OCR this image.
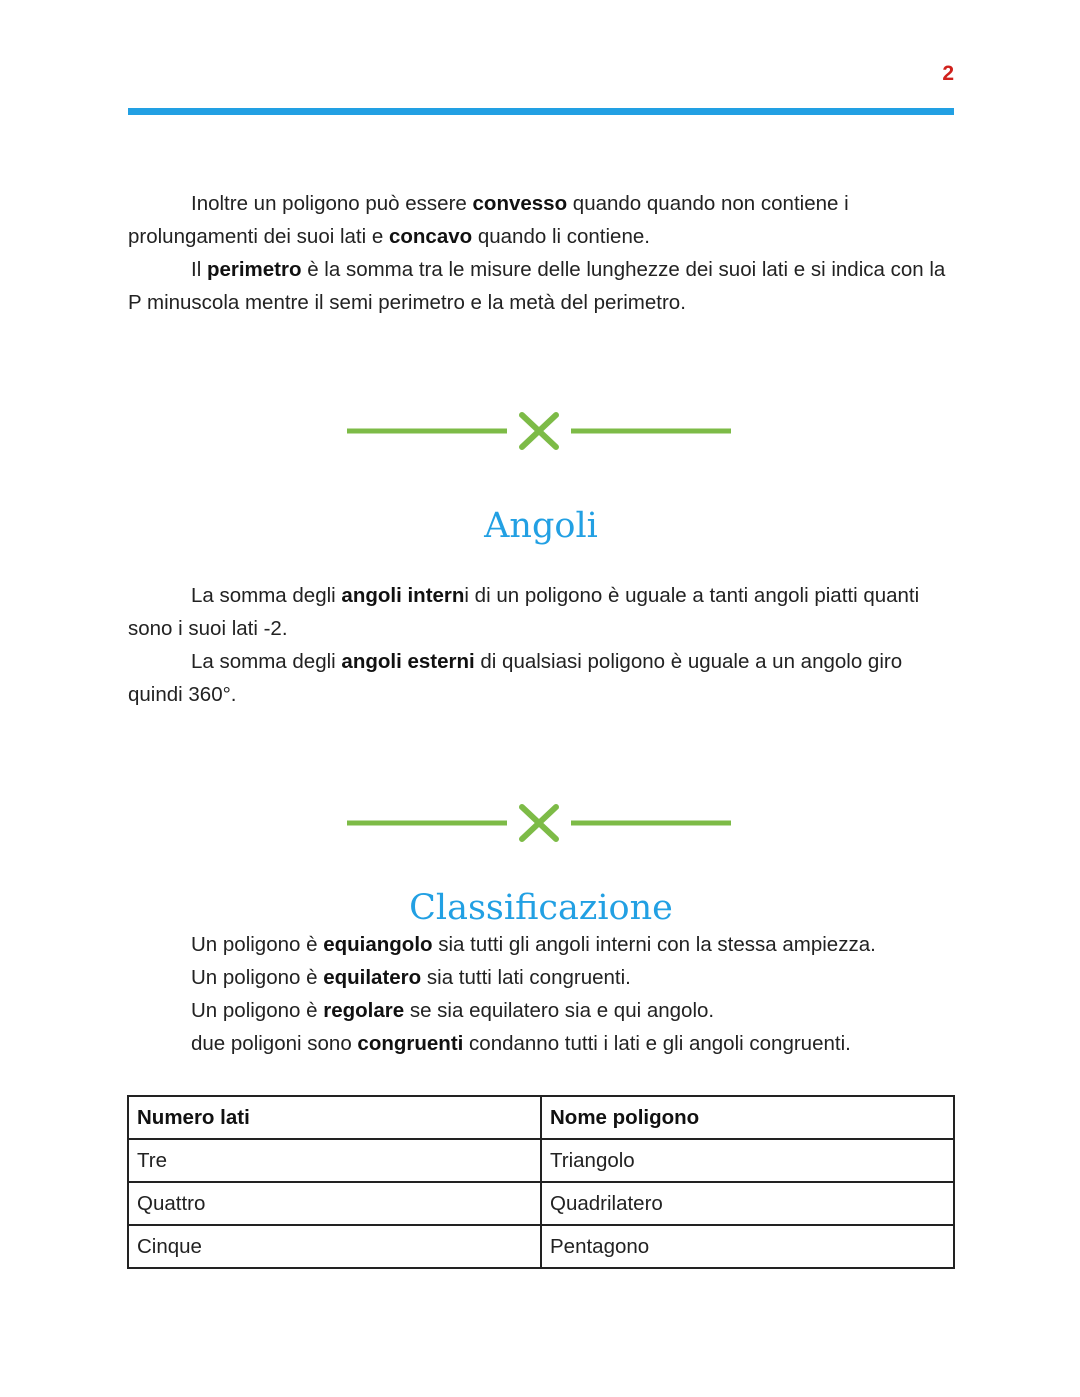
2

Inoltre un poligono può essere convesso quando quando non contiene i prolungamenti dei suoi lati e concavo quando li contiene.

Il perimetro è la somma tra le misure delle lunghezze dei suoi lati e si indica con la P minuscola mentre il semi perimetro e la metà del perimetro.

Angoli

La somma degli angoli interni di un poligono è uguale a tanti angoli piatti quanti sono i suoi lati -2.

La somma degli angoli esterni di qualsiasi poligono è uguale a un angolo giro quindi 360°.

Classificazione

Un poligono è equiangolo sia tutti gli angoli interni con la stessa ampiezza.

Un poligono è equilatero sia tutti lati congruenti.

Un poligono è regolare se sia equilatero sia e qui angolo.

due poligoni sono congruenti condanno tutti i lati e gli angoli congruenti.

Numero lati	Nome poligono
Tre	Triangolo
Quattro	Quadrilatero
Cinque	Pentagono
